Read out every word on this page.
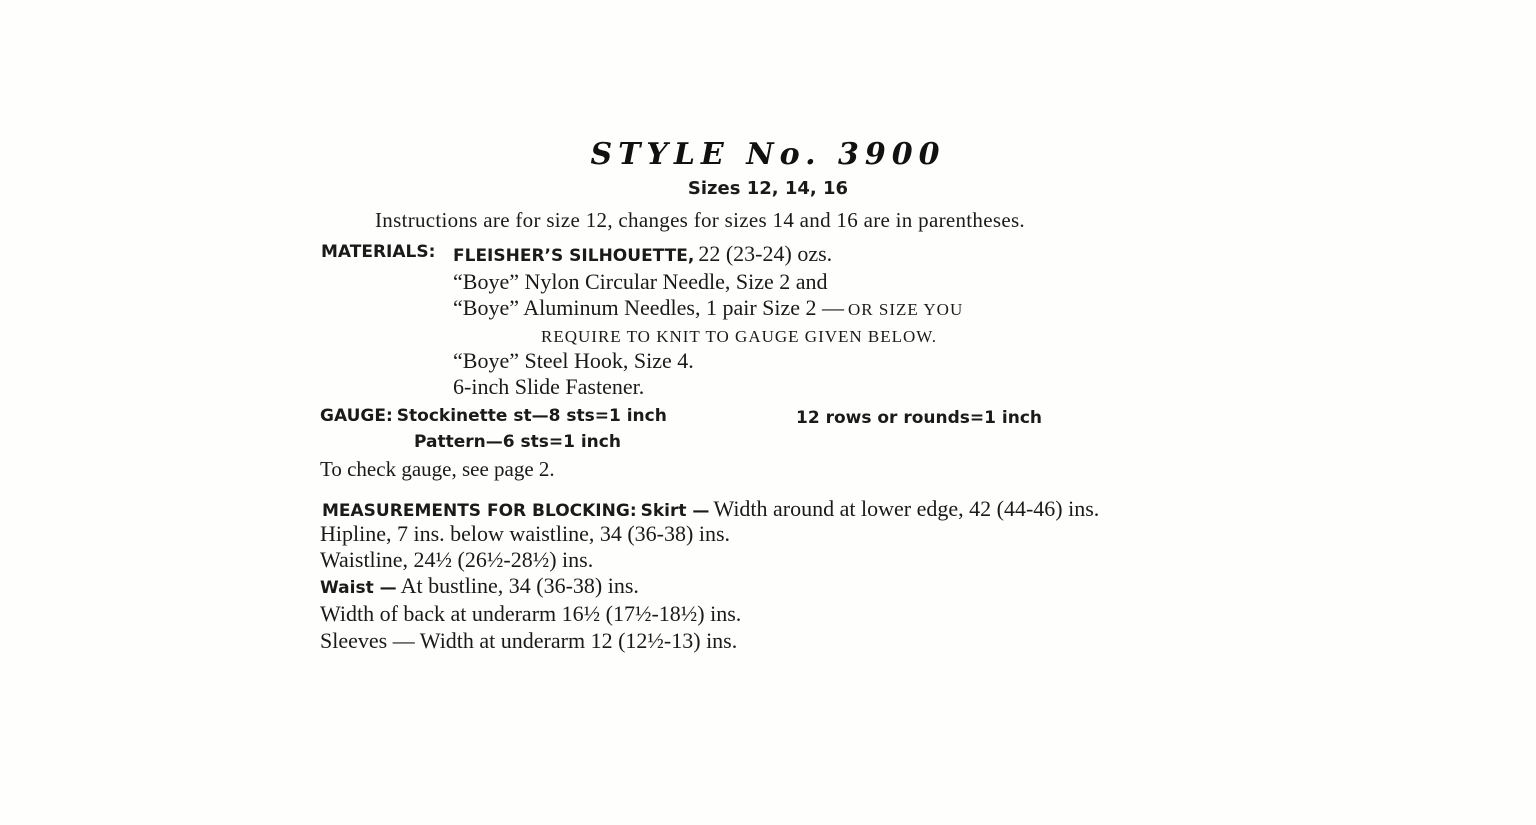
STYLE No. 3900
Sizes 12, 14, 16
Instructions are for size 12, changes for sizes 14 and 16 are in parentheses.
MATERIALS: FLEISHER’S SILHOUETTE, 22 (23-24) ozs.
“Boye” Nylon Circular Needle, Size 2 and
“Boye” Aluminum Needles, 1 pair Size 2 — OR SIZE YOU
REQUIRE TO KNIT TO GAUGE GIVEN BELOW.
“Boye” Steel Hook, Size 4.
6-inch Slide Fastener.
GAUGE: Stockinette st—8 sts=1 inch	12 rows or rounds=1 inch
Pattern—6 sts=1 inch
To check gauge, see page 2.
MEASUREMENTS FOR BLOCKING: Skirt — Width around at lower edge, 42 (44-46) ins.
Hipline, 7 ins. below waistline, 34 (36-38) ins.
Waistline, 24½ (26½-28½) ins.
Waist — At bustline, 34 (36-38) ins.
Width of back at underarm 16½ (17½-18½) ins.
Sleeves — Width at underarm 12 (12½-13) ins.
